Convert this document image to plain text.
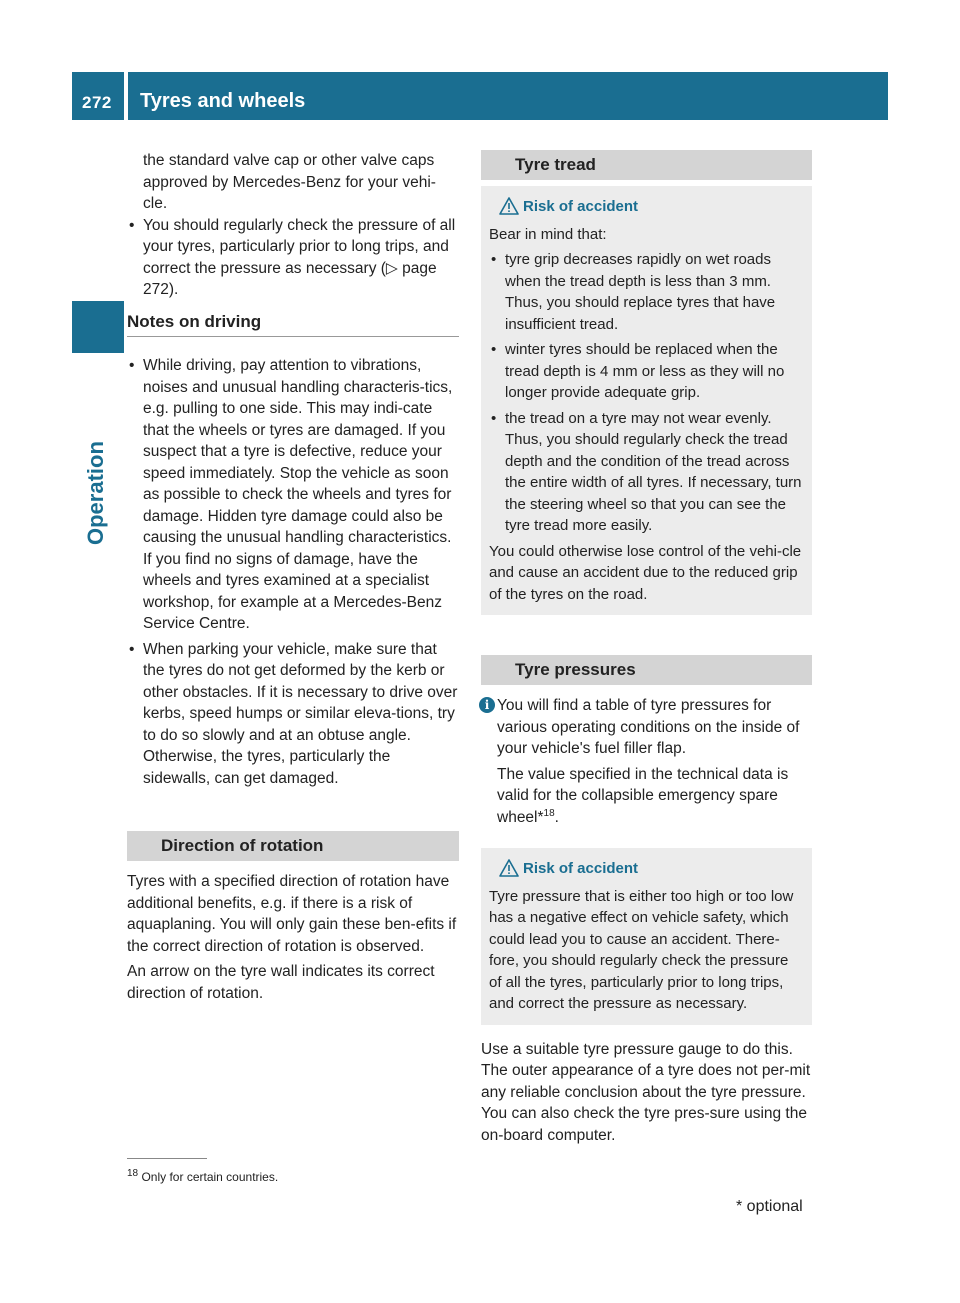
272 Tyres and wheels
Operation

the standard valve cap or other valve caps approved by Mercedes-Benz for your vehi-cle.

• You should regularly check the pressure of all your tyres, particularly prior to long trips, and correct the pressure as necessary (▷ page 272).
Notes on driving
• While driving, pay attention to vibrations, noises and unusual handling characteris-tics, e.g. pulling to one side. This may indi-cate that the wheels or tyres are damaged. If you suspect that a tyre is defective, reduce your speed immediately. Stop the vehicle as soon as possible to check the wheels and tyres for damage. Hidden tyre damage could also be causing the unusual handling characteristics. If you find no signs of damage, have the wheels and tyres examined at a specialist workshop, for example at a Mercedes-Benz Service Centre.
• When parking your vehicle, make sure that the tyres do not get deformed by the kerb or other obstacles. If it is necessary to drive over kerbs, speed humps or similar eleva-tions, try to do so slowly and at an obtuse angle. Otherwise, the tyres, particularly the sidewalls, can get damaged.
Direction of rotation

Tyres with a specified direction of rotation have additional benefits, e.g. if there is a risk of aquaplaning. You will only gain these ben-efits if the correct direction of rotation is observed.

An arrow on the tyre wall indicates its correct direction of rotation.

Tyre tread
Risk of accident

Bear in mind that:

• tyre grip decreases rapidly on wet roads when the tread depth is less than 3 mm. Thus, you should replace tyres that have insufficient tread.
• winter tyres should be replaced when the tread depth is 4 mm or less as they will no longer provide adequate grip.
• the tread on a tyre may not wear evenly. Thus, you should regularly check the tread depth and the condition of the tread across the entire width of all tyres. If necessary, turn the steering wheel so that you can see the tyre tread more easily.

You could otherwise lose control of the vehi-cle and cause an accident due to the reduced grip of the tyres on the road.

Tyre pressures
i You will find a table of tyre pressures for various operating conditions on the inside of your vehicle's fuel filler flap.

The value specified in the technical data is valid for the collapsible emergency spare wheel*$^{18}$.

Risk of accident

Tyre pressure that is either too high or too low has a negative effect on vehicle safety, which could lead you to cause an accident. There-fore, you should regularly check the pressure of all the tyres, particularly prior to long trips, and correct the pressure as necessary.

Use a suitable tyre pressure gauge to do this. The outer appearance of a tyre does not per-mit any reliable conclusion about the tyre pressure. You can also check the tyre pres-sure using the on-board computer.

$^{18}$ Only for certain countries.
* optional
